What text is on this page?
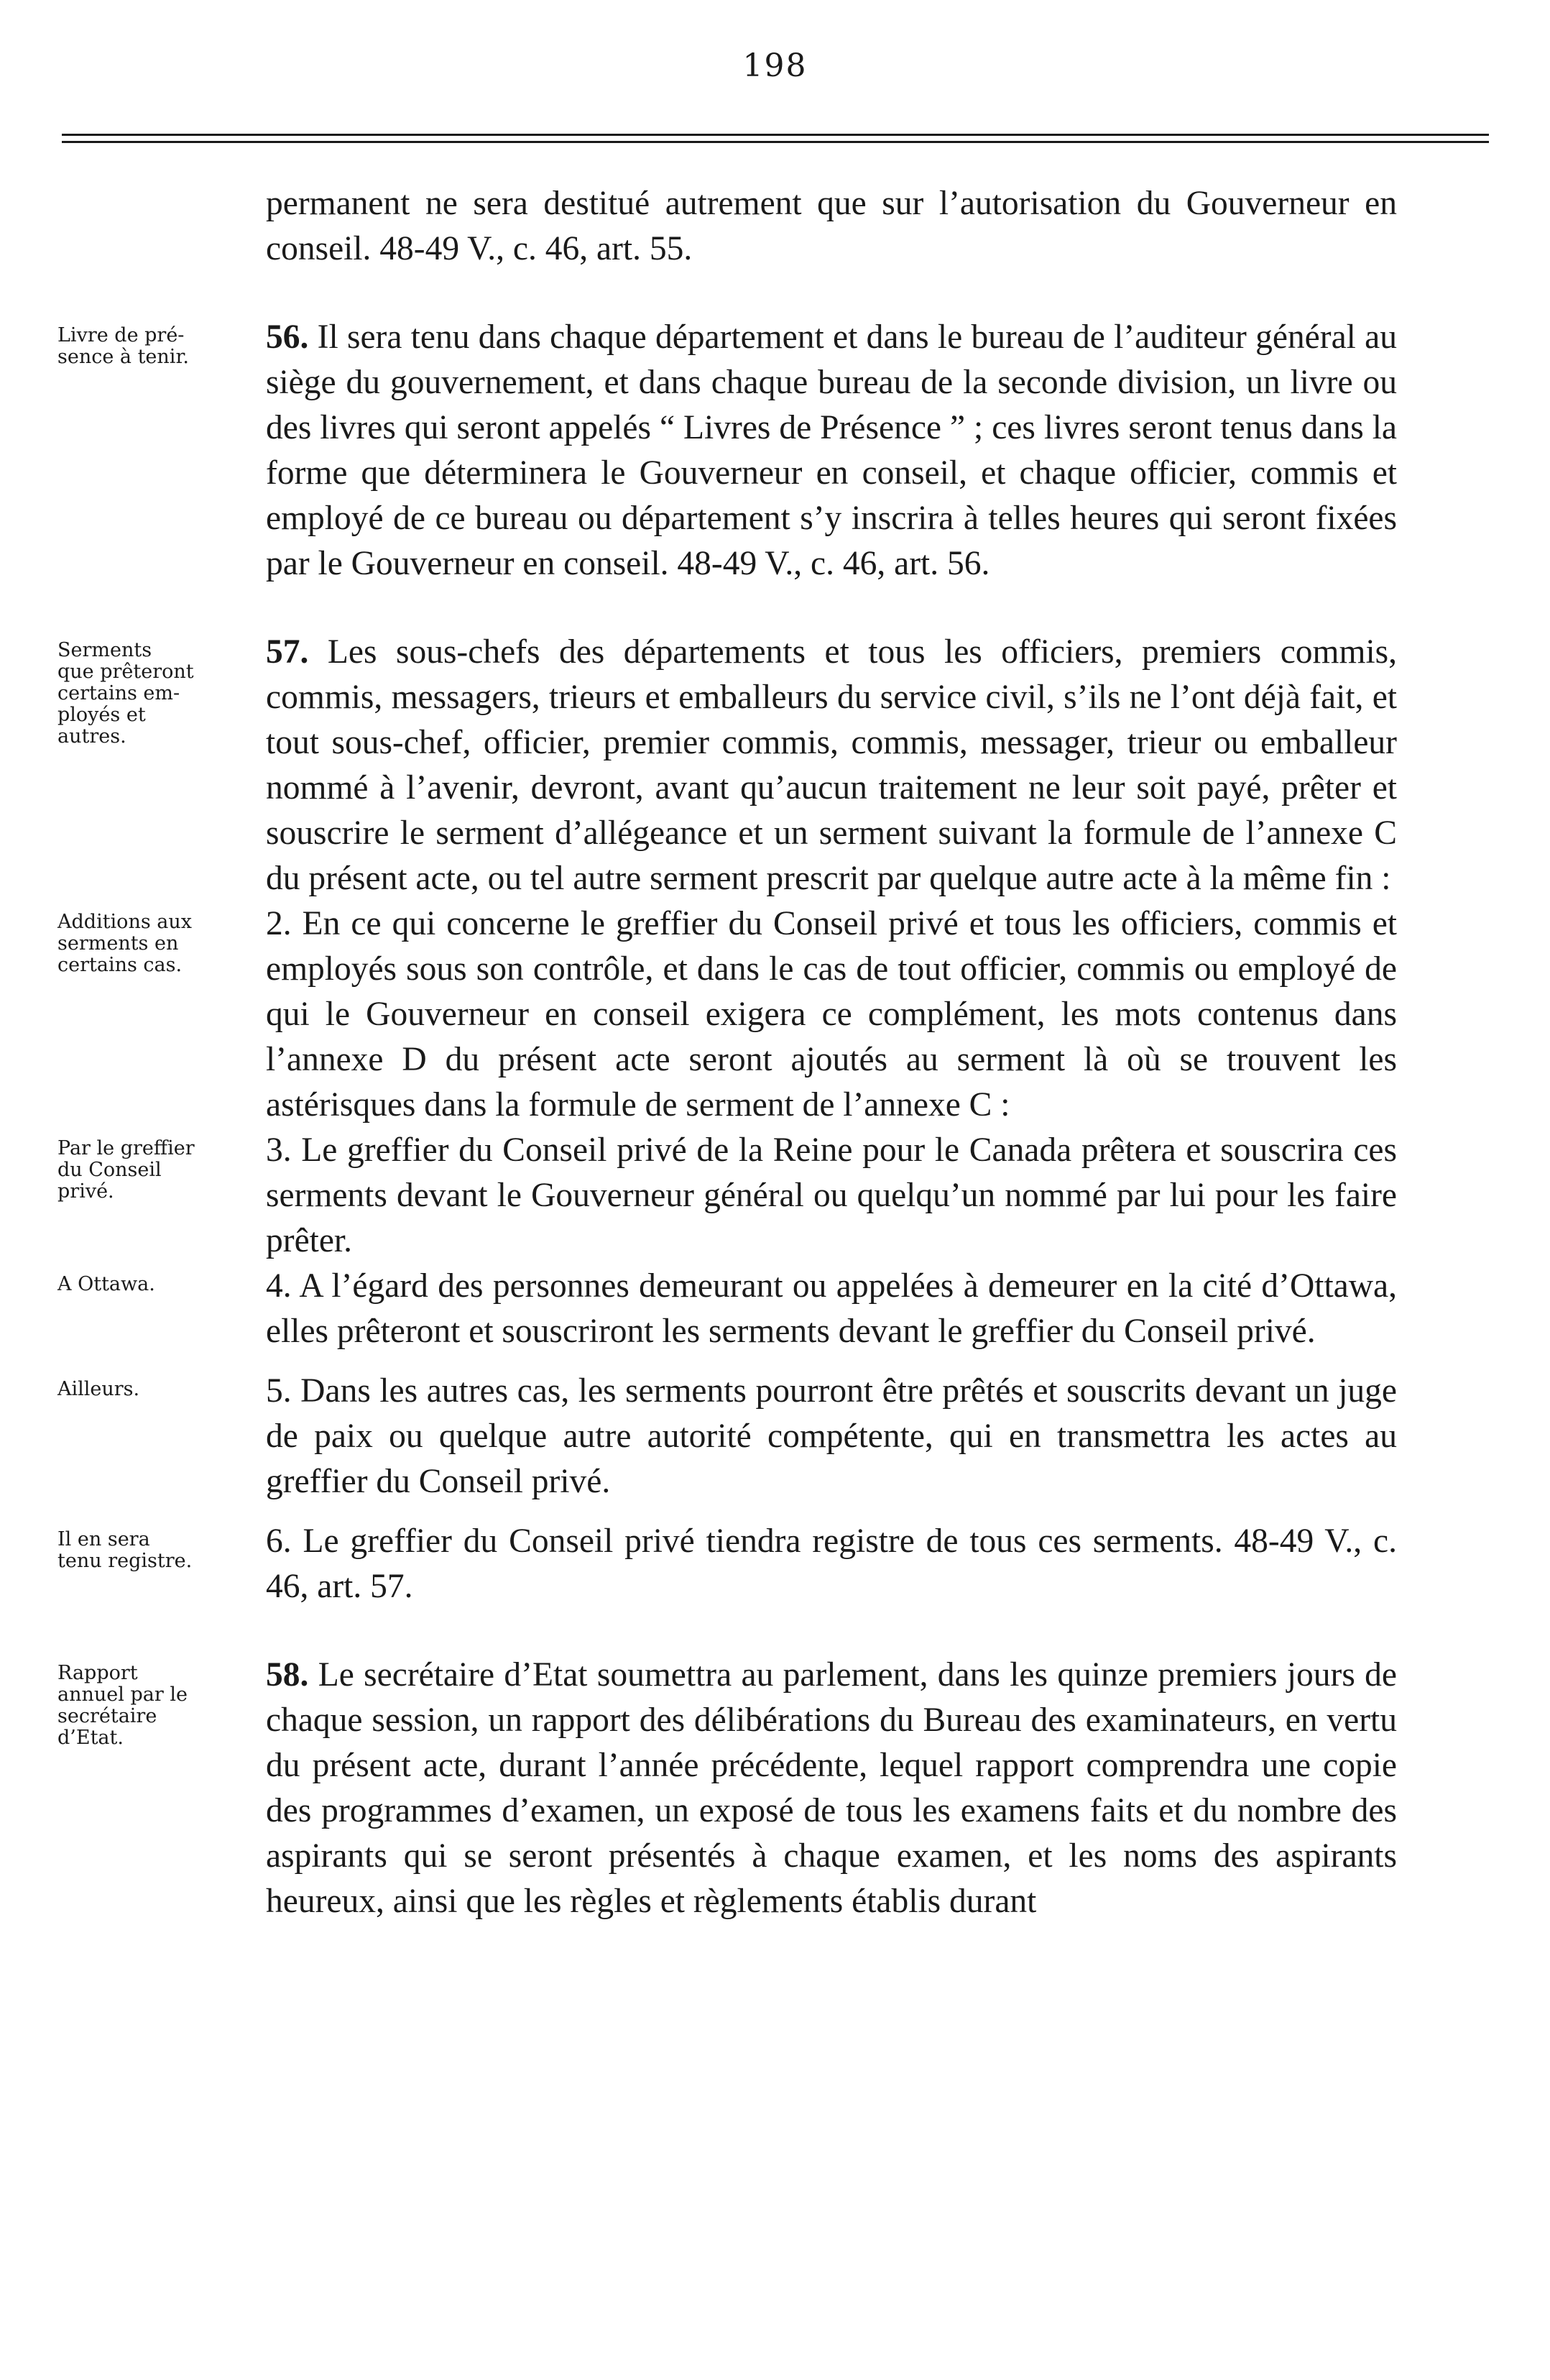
198

permanent ne sera destitué autrement que sur l’autorisation du Gouverneur en conseil. 48-49 V., c. 46, art. 55.

Livre de pré-
sence à tenir.

56. Il sera tenu dans chaque département et dans le bureau de l’auditeur général au siège du gouvernement, et dans chaque bureau de la seconde division, un livre ou des livres qui seront appelés “ Livres de Présence ” ; ces livres seront tenus dans la forme que déterminera le Gouverneur en conseil, et chaque officier, commis et employé de ce bureau ou département s’y inscrira à telles heures qui seront fixées par le Gouverneur en conseil. 48-49 V., c. 46, art. 56.

Serments
que prêteront
certains em-
ployés et
autres.

57. Les sous-chefs des départements et tous les officiers, premiers commis, commis, messagers, trieurs et emballeurs du service civil, s’ils ne l’ont déjà fait, et tout sous-chef, officier, premier commis, commis, messager, trieur ou emballeur nommé à l’avenir, devront, avant qu’aucun traitement ne leur soit payé, prêter et souscrire le serment d’allégeance et un serment suivant la formule de l’annexe C du présent acte, ou tel autre serment prescrit par quelque autre acte à la même fin :

Additions aux
serments en
certains cas.

2. En ce qui concerne le greffier du Conseil privé et tous les officiers, commis et employés sous son contrôle, et dans le cas de tout officier, commis ou employé de qui le Gouverneur en conseil exigera ce complément, les mots contenus dans l’annexe D du présent acte seront ajoutés au serment là où se trouvent les astérisques dans la formule de serment de l’annexe C :

Par le greffier
du Conseil
privé.

3. Le greffier du Conseil privé de la Reine pour le Canada prêtera et souscrira ces serments devant le Gouverneur général ou quelqu’un nommé par lui pour les faire prêter.

A Ottawa.	4. A l’égard des personnes demeurant ou appelées à demeurer en la cité d’Ottawa, elles prêteront et souscriront les serments devant le greffier du Conseil privé.

Ailleurs.	5. Dans les autres cas, les serments pourront être prêtés et souscrits devant un juge de paix ou quelque autre autorité compétente, qui en transmettra les actes au greffier du Conseil privé.

Il en sera
tenu registre.

6. Le greffier du Conseil privé tiendra registre de tous ces serments. 48-49 V., c. 46, art. 57.

Rapport
annuel par le
secrétaire
d’Etat.

58. Le secrétaire d’Etat soumettra au parlement, dans les quinze premiers jours de chaque session, un rapport des délibérations du Bureau des examinateurs, en vertu du présent acte, durant l’année précédente, lequel rapport comprendra une copie des programmes d’examen, un exposé de tous les examens faits et du nombre des aspirants qui se seront présentés à chaque examen, et les noms des aspirants heureux, ainsi que les règles et règlements établis durant
